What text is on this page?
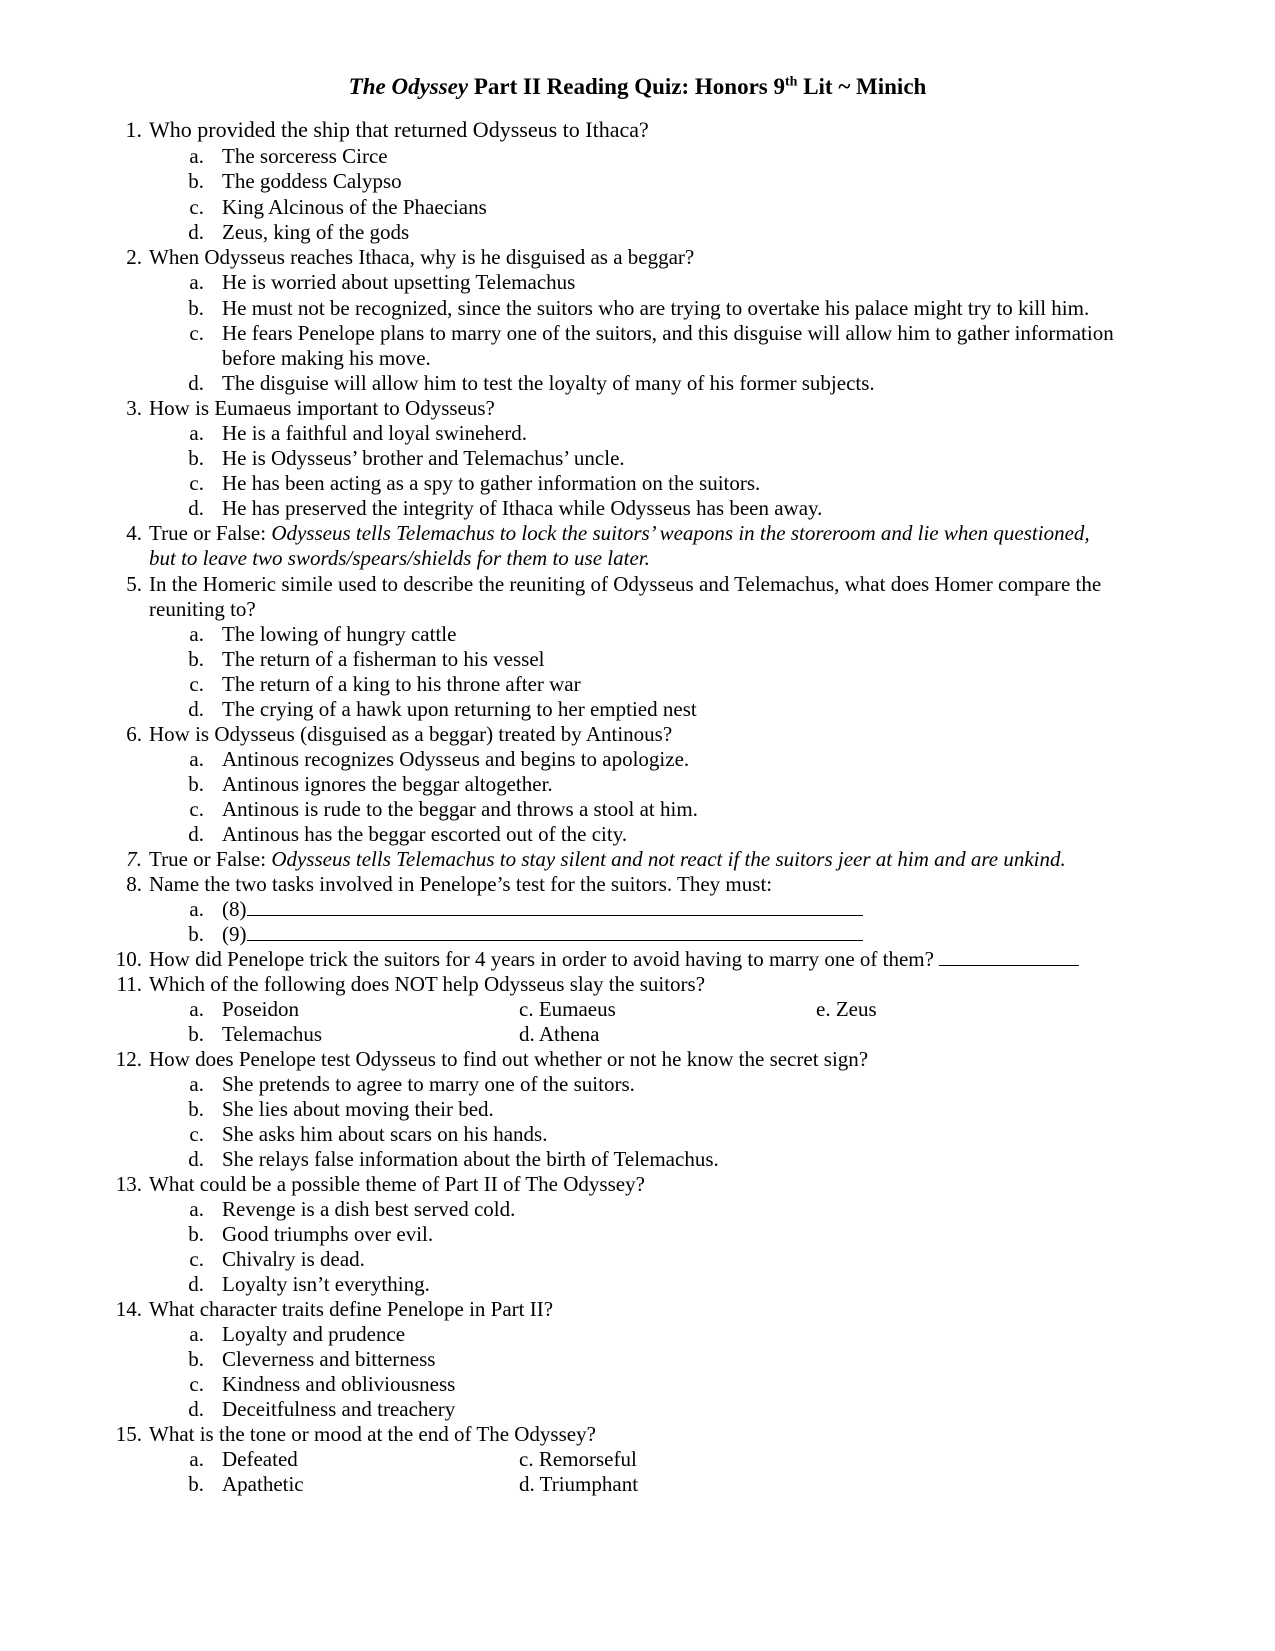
The Odyssey Part II Reading Quiz: Honors 9th Lit ~ Minich
1. Who provided the ship that returned Odysseus to Ithaca?
a. The sorceress Circe
b. The goddess Calypso
c. King Alcinous of the Phaecians
d. Zeus, king of the gods
2. When Odysseus reaches Ithaca, why is he disguised as a beggar?
a. He is worried about upsetting Telemachus
b. He must not be recognized, since the suitors who are trying to overtake his palace might try to kill him.
c. He fears Penelope plans to marry one of the suitors, and this disguise will allow him to gather information
before making his move.
d. The disguise will allow him to test the loyalty of many of his former subjects.
3. How is Eumaeus important to Odysseus?
a. He is a faithful and loyal swineherd.
b. He is Odysseus’ brother and Telemachus’ uncle.
c. He has been acting as a spy to gather information on the suitors.
d. He has preserved the integrity of Ithaca while Odysseus has been away.
4. True or False: Odysseus tells Telemachus to lock the suitors’ weapons in the storeroom and lie when questioned,
but to leave two swords/spears/shields for them to use later.
5. In the Homeric simile used to describe the reuniting of Odysseus and Telemachus, what does Homer compare the
reuniting to?
a. The lowing of hungry cattle
b. The return of a fisherman to his vessel
c. The return of a king to his throne after war
d. The crying of a hawk upon returning to her emptied nest
6. How is Odysseus (disguised as a beggar) treated by Antinous?
a. Antinous recognizes Odysseus and begins to apologize.
b. Antinous ignores the beggar altogether.
c. Antinous is rude to the beggar and throws a stool at him.
d. Antinous has the beggar escorted out of the city.
7. True or False: Odysseus tells Telemachus to stay silent and not react if the suitors jeer at him and are unkind.
8. Name the two tasks involved in Penelope’s test for the suitors. They must:
a. (8)
b. (9)
10. How did Penelope trick the suitors for 4 years in order to avoid having to marry one of them?
11. Which of the following does NOT help Odysseus slay the suitors?
a. Poseidon	c. Eumaeus	e. Zeus
b. Telemachus	d. Athena
12. How does Penelope test Odysseus to find out whether or not he know the secret sign?
a. She pretends to agree to marry one of the suitors.
b. She lies about moving their bed.
c. She asks him about scars on his hands.
d. She relays false information about the birth of Telemachus.
13. What could be a possible theme of Part II of The Odyssey?
a. Revenge is a dish best served cold.
b. Good triumphs over evil.
c. Chivalry is dead.
d. Loyalty isn’t everything.
14. What character traits define Penelope in Part II?
a. Loyalty and prudence
b. Cleverness and bitterness
c. Kindness and obliviousness
d. Deceitfulness and treachery
15. What is the tone or mood at the end of The Odyssey?
a. Defeated	c. Remorseful
b. Apathetic	d. Triumphant
